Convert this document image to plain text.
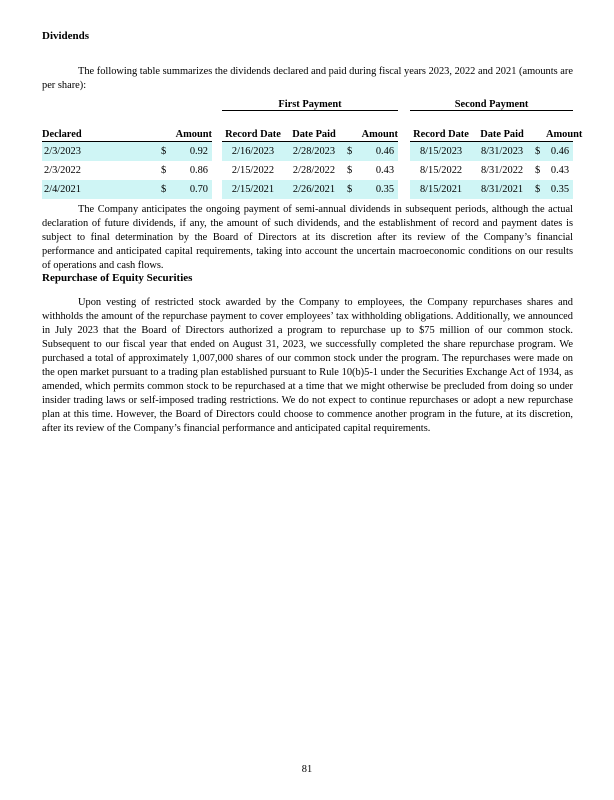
Dividends

The following table summarizes the dividends declared and paid during fiscal years 2023, 2022 and 2021 (amounts are per share):

				First Payment					Second Payment			
Declared		Amount		Record Date	Date Paid		Amount		Record Date	Date Paid		Amount
2/3/2023	$	0.92		2/16/2023	2/28/2023	$	0.46		8/15/2023	8/31/2023	$	0.46
2/3/2022	$	0.86		2/15/2022	2/28/2022	$	0.43		8/15/2022	8/31/2022	$	0.43
2/4/2021	$	0.70		2/15/2021	2/26/2021	$	0.35		8/15/2021	8/31/2021	$	0.35

The Company anticipates the ongoing payment of semi-annual dividends in subsequent periods, although the actual declaration of future dividends, if any, the amount of such dividends, and the establishment of record and payment dates is subject to final determination by the Board of Directors at its discretion after its review of the Company’s financial performance and anticipated capital requirements, taking into account the uncertain macroeconomic conditions on our results of operations and cash flows.

Repurchase of Equity Securities

Upon vesting of restricted stock awarded by the Company to employees, the Company repurchases shares and withholds the amount of the repurchase payment to cover employees’ tax withholding obligations. Additionally, we announced in July 2023 that the Board of Directors authorized a program to repurchase up to $75 million of our common stock. Subsequent to our fiscal year that ended on August 31, 2023, we successfully completed the share repurchase program. We purchased a total of approximately 1,007,000 shares of our common stock under the program. The repurchases were made on the open market pursuant to a trading plan established pursuant to Rule 10(b)5-1 under the Securities Exchange Act of 1934, as amended, which permits common stock to be repurchased at a time that we might otherwise be precluded from doing so under insider trading laws or self-imposed trading restrictions. We do not expect to continue repurchases or adopt a new repurchase plan at this time. However, the Board of Directors could choose to commence another program in the future, at its discretion, after its review of the Company’s financial performance and anticipated capital requirements.

81
